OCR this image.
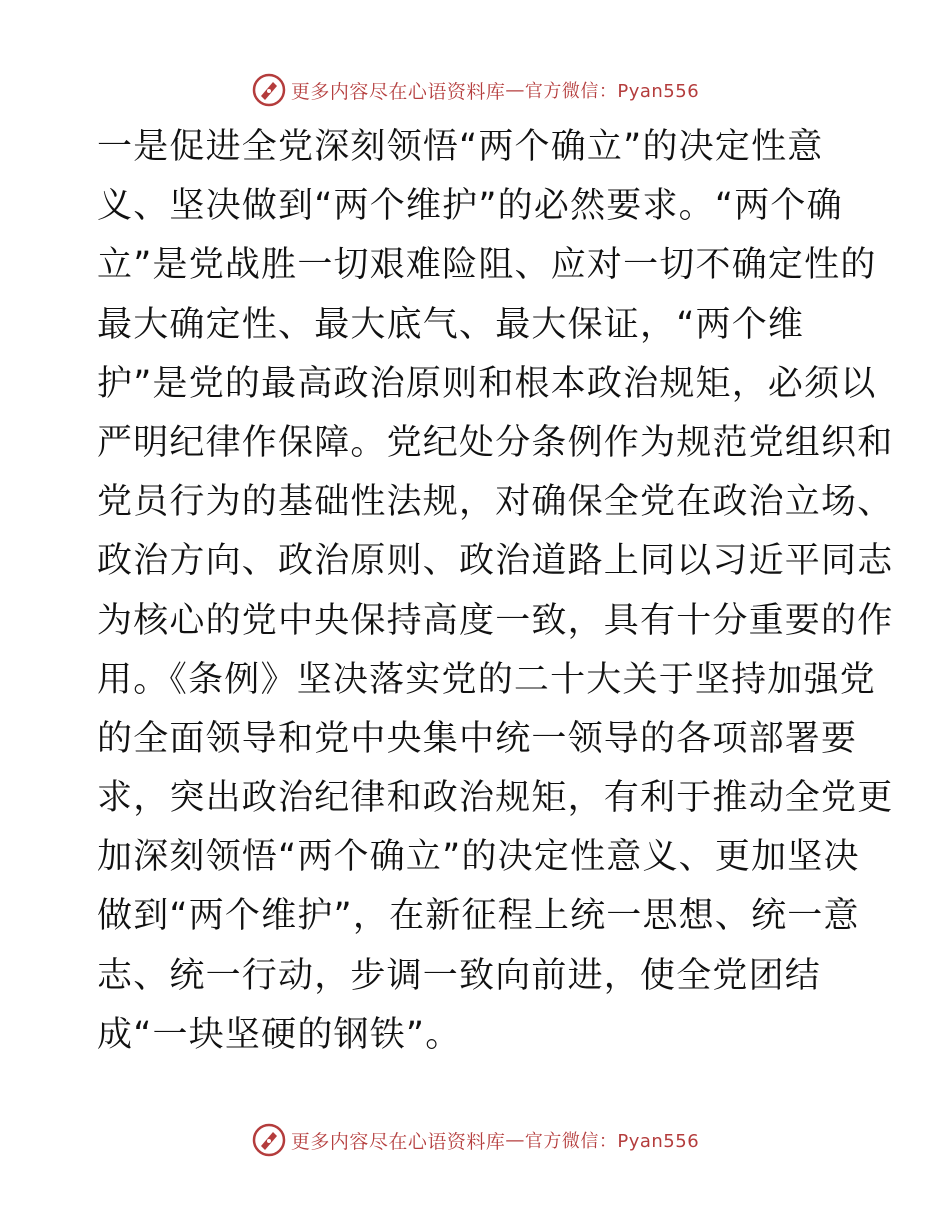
更多内容尽在心语资料库 — 官方微信：Pyan556
一是促进全党深刻领悟“两个确立”的决定性意
义、坚决做到“两个维护”的必然要求。“两个确
立”是党战胜一切艰难险阻、应对一切不确定性的
最大确定性、最大底气、最大保证，“两个维
护”是党的最高政治原则和根本政治规矩，必须以
严明纪律作保障。党纪处分条例作为规范党组织和
党员行为的基础性法规，对确保全党在政治立场、
政治方向、政治原则、政治道路上同以习近平同志
为核心的党中央保持高度一致，具有十分重要的作
用。《条例》坚决落实党的二十大关于坚持加强党
的全面领导和党中央集中统一领导的各项部署要
求，突出政治纪律和政治规矩，有利于推动全党更
加深刻领悟“两个确立”的决定性意义、更加坚决
做到“两个维护”，在新征程上统一思想、统一意
志、统一行动，步调一致向前进，使全党团结
成“一块坚硬的钢铁”。
更多内容尽在心语资料库 — 官方微信：Pyan556
